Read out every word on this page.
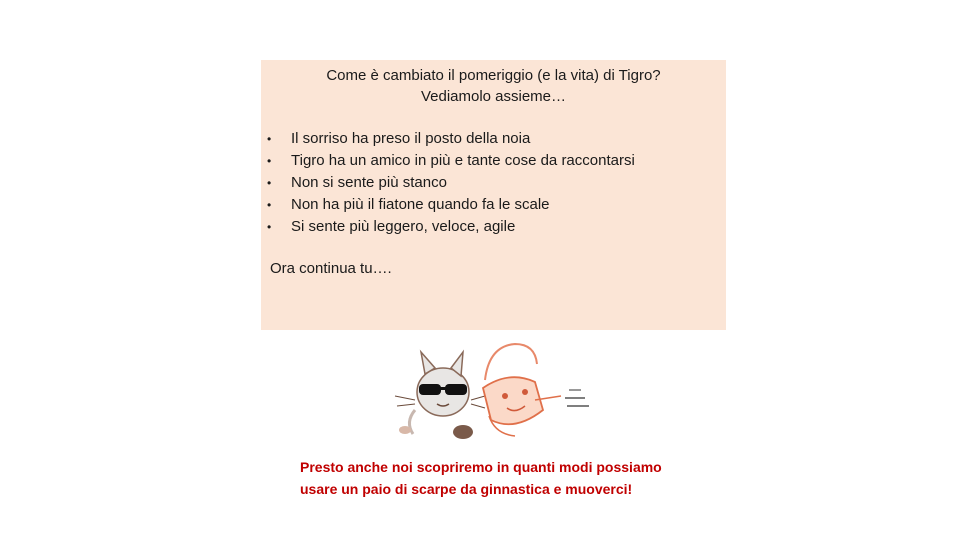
Come è cambiato il pomeriggio (e la vita) di Tigro?
Vediamolo assieme…
• Il sorriso ha preso il posto della noia
• Tigro ha un amico in più e tante cose da raccontarsi
• Non si sente più stanco
• Non ha più il fiatone quando fa le scale
• Si sente più leggero, veloce, agile
Ora continua tu….
Presto anche noi scopriremo in quanti modi possiamo
usare un paio di scarpe da ginnastica e muoverci!
